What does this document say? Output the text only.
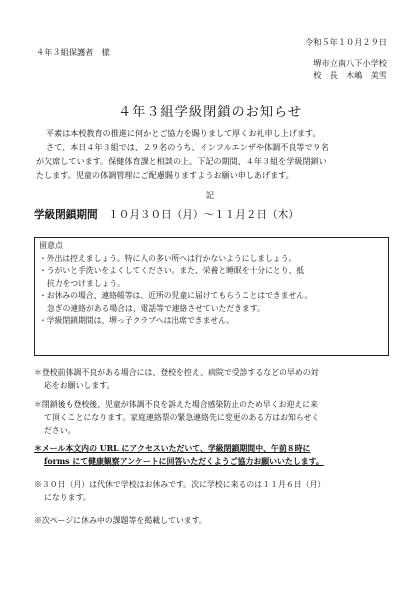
令和５年１０月２９日
４年３組保護者　様
堺市立南八下小学校
校　長　木嶋　美雪
４年３組学級閉鎖のお知らせ
平素は本校教育の推進に何かとご協力を賜りまして厚くお礼申し上げます。
さて、本日４年３組では、２９名のうち、インフルエンザや体調不良等で９名
が欠席しています。保健体育課と相談の上、下記の期間、４年３組を学級閉鎖い
たします。児童の体調管理にご配慮賜りますようお願い申しあげます。
記
学級閉鎖期間　 １０月３０日（月）～１１月２日（木）
留意点
・外出は控えましょう。特に人の多い所へは行かないようにしましょう。
・うがいと手洗いをよくしてください。また、栄養と睡眠を十分にとり、抵
抗力をつけましょう。
・お休みの場合、連絡帳等は、近所の児童に届けてもらうことはできません。
急ぎの連絡がある場合は、電話等で連絡させていただきます。
・学級閉鎖期間は、堺っ子クラブへは出席できません。
＊登校前体調不良がある場合には、登校を控え、病院で受診するなどの早めの対
応をお願いします。
＊閉鎖後も登校後、児童が体調不良を訴えた場合感染防止のため早くお迎えに来
て頂くことになります。家庭連絡票の緊急連絡先に変更のある方はお知らせく
ださい。
＊メール本文内の URL にアクセスいただいて、学級閉鎖期間中、午前８時に
forms にて健康観察アンケートに回答いただくようご協力お願いいたします。
※３０日（月）は代休で学校はお休みです。次に学校に来るのは１１月６日（月）
になります。
※次ページに休み中の課題等を掲載しています。
